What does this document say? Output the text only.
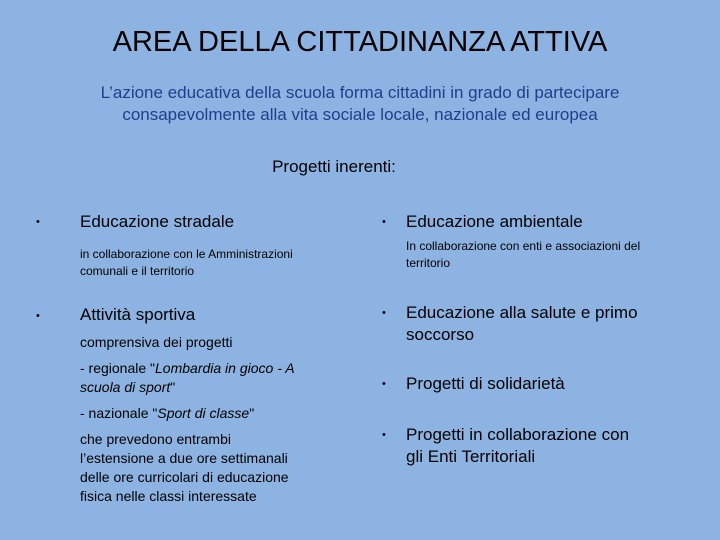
AREA DELLA CITTADINANZA ATTIVA
L’azione educativa della scuola forma cittadini in grado di partecipare
consapevolmente alla vita sociale locale, nazionale ed europea
Progetti inerenti:
• Educazione stradale
in collaborazione con le Amministrazioni
comunali e il territorio
• Attività sportiva
comprensiva dei progetti
- regionale "Lombardia in gioco - A
scuola di sport"
- nazionale "Sport di classe"
che prevedono entrambi
l’estensione a due ore settimanali
delle ore curricolari di educazione
fisica nelle classi interessate
• Educazione ambientale
In collaborazione con enti e associazioni del
territorio
• Educazione alla salute e primo
soccorso
• Progetti di solidarietà
• Progetti in collaborazione con
gli Enti Territoriali
